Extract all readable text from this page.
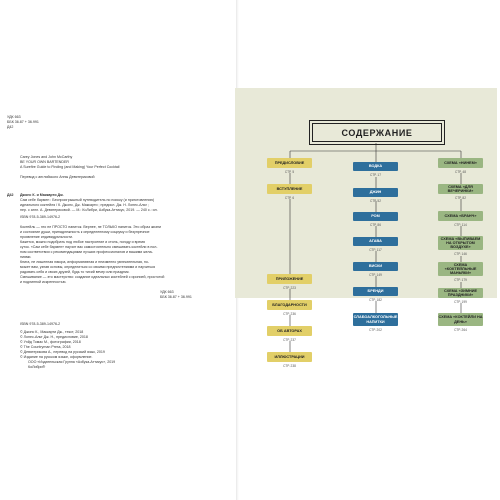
УДК 663
ББК 36.87 + 36.991
Д42
Carey Jones and John McCarthy
BE YOUR OWN BARTENDER
A Surefire Guide to Finding (and Making) Your Perfect Cocktail
Перевод с английского Анны Девятериковой
Д42 Джонс К. и Маккарти Дж.
Сам себе бармен : Беспроигрышный путеводитель по поиску (и приготовлению)
идеального коктейля / К. Джонс, Дж. Маккарти ; предисл. Дж. Н. Лопес-Альт ;
пер. с англ. А. Девятериковой. — М.: КоЛибри, Азбука-Аттикус, 2019. — 240 с.: ил.
ISBN 978-5-389-14976-2
Коктейль — это не ПРОСТО напиток. Вернее, не ТОЛЬКО напиток. Это образ жизни
и состояние души, принадлежность к определенному социуму и безупречное
проявление индивидуальности.
Кажется, можно подобрать под любое настроение и стиль, погоду и время
суток. «Сам себе бармен» научит вас самостоятельно смешивать коктейли в пол-
ном соответствии с рекомендациями лучших профессионалов и вашими жела-
ниями.
Книга, не лишенная юмора, информативная и неизменно увлекательная, по-
может вам, узнав основы, определиться со своими предпочтениями и научиться
радовать себя и своих друзей, будь то тихий вечер или праздник.
Смешивание — это мастерство: создание идеальных коктейлей с иронией, простотой
и подлинной искренностью.
УДК 663
ББК 36.87 + 36.991
ISBN 978-5-389-14976-2
© Джонс К., Маккарти Дж., текст, 2018
© Лопес-Альт Дж. Н., предисловие, 2018
© Уэйд Томас М., фотографии, 2018
© The Countryman Press, 2018
© Девятерикова А., перевод на русский язык, 2019
© Издание на русском языке, оформление.
ООО «Издательская Группа «Азбука-Аттикус», 2019
КоЛибри®
СОДЕРЖАНИЕ
ПРЕДИСЛОВИЕ
СТР. 5
ВСТУПЛЕНИЕ
СТР. 6
ПРИЛОЖЕНИЕ
СТР. 223
БЛАГОДАРНОСТИ
СТР. 236
ОБ АВТОРАХ
СТР. 237
ИЛЛЮСТРАЦИИ
СТР. 238
ВОДКА
СТР. 17
ДЖИН
СТР. 52
РОМ
СТР. 86
АГАВА
СТР. 117
ВИСКИ
СТР. 149
БРЕНДИ
СТР. 182
СЛАБОАЛКОГОЛЬНЫЕ НАПИТКИ
СТР. 202
СХЕМА «НИНЕМ»
СТР. 48
СХЕМА «ДЛЯ ВЕЧЕРИНКИ»
СТР. 82
СХЕМА «БРАНЧ»
СТР. 114
СХЕМА «ВЫПИВАЕМ НА ОТКРЫТОМ ВОЗДУХЕ»
СТР. 146
СХЕМА «КОКТЕЙЛЬНЫЕ МАНЬЯКИ»
СТР. 179
СХЕМА «ЗИМНИЕ ПРАЗДНИКИ»
СТР. 199
СХЕМА «КОКТЕЙЛИ НА ДЕНЬ»
СТР. 264
